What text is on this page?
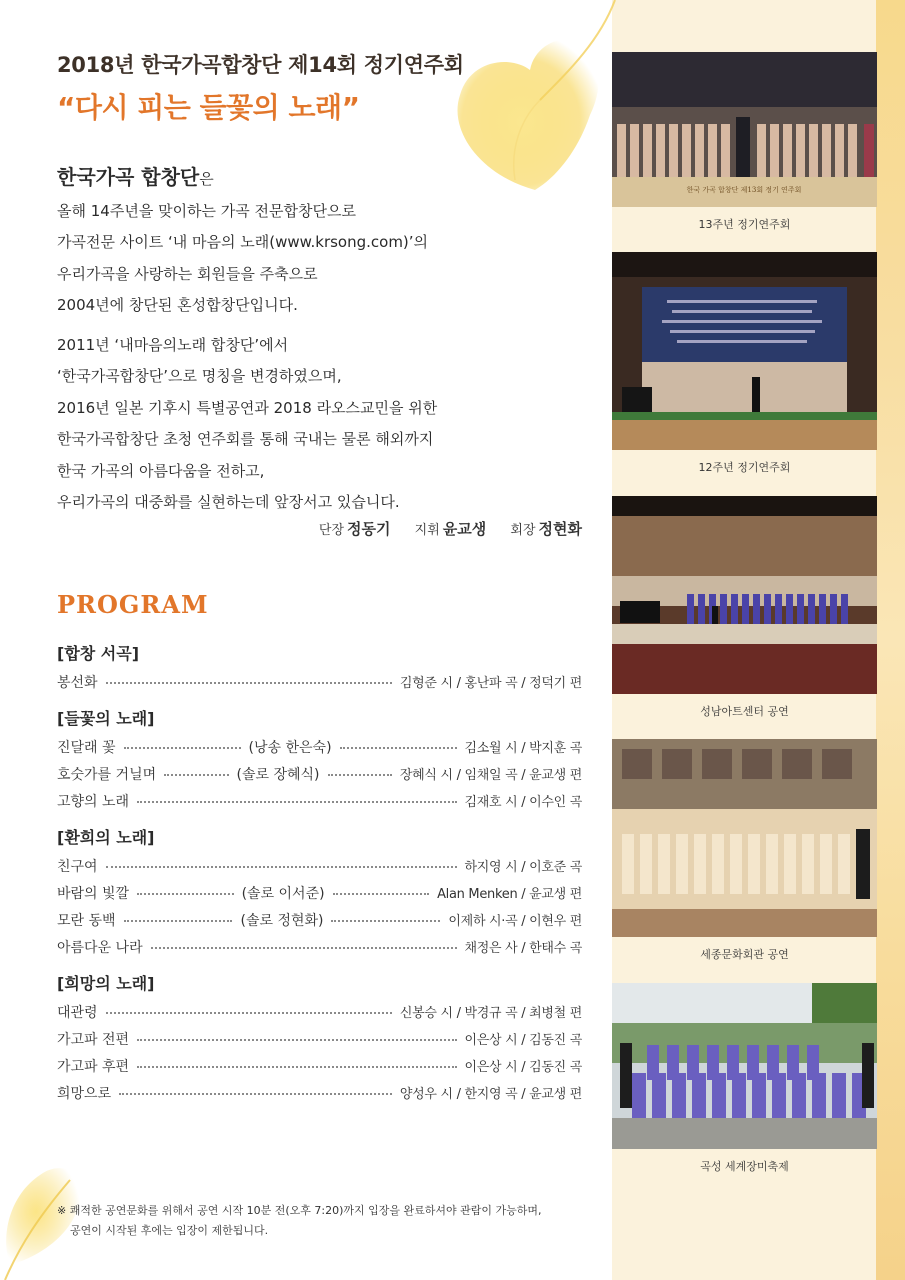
2018년 한국가곡합창단 제14회 정기연주회
“다시 피는 들꽃의 노래”

한국가곡 합창단은

올해 14주년을 맞이하는 가곡 전문합창단으로

가곡전문 사이트 ‘내 마음의 노래(www.krsong.com)’의

우리가곡을 사랑하는 회원들을 주축으로

2004년에 창단된 혼성합창단입니다.

2011년 ‘내마음의노래 합창단’에서

‘한국가곡합창단’으로 명칭을 변경하였으며,

2016년 일본 기후시 특별공연과 2018 라오스교민을 위한

한국가곡합창단 초청 연주회를 통해 국내는 물론 해외까지

한국 가곡의 아름다움을 전하고,

우리가곡의 대중화를 실현하는데 앞장서고 있습니다.

단장 정동기 지휘 윤교생 회장 정현화
PROGRAM
[합창 서곡]
봉선화	김형준 시 / 홍난파 곡 / 정덕기 편
[들꽃의 노래]
진달래 꽃	(낭송 한은숙)	김소월 시 / 박지훈 곡
호숫가를 거닐며	(솔로 장혜식)	장혜식 시 / 임채일 곡 / 윤교생 편
고향의 노래	김재호 시 / 이수인 곡
[환희의 노래]
친구여	하지영 시 / 이호준 곡
바람의 빛깔	(솔로 이서준)	Alan Menken / 윤교생 편
모란 동백	(솔로 정현화)	이제하 시·곡 / 이현우 편
아름다운 나라	채정은 사 / 한태수 곡
[희망의 노래]
대관령	신봉승 시 / 박경규 곡 / 최병철 편
가고파 전편	이은상 시 / 김동진 곡
가고파 후편	이은상 시 / 김동진 곡
희망으로	양성우 시 / 한지영 곡 / 윤교생 편
※ 쾌적한 공연문화를 위해서 공연 시작 10분 전(오후 7:20)까지 입장을 완료하셔야 관람이 가능하며,
공연이 시작된 후에는 입장이 제한됩니다.
한국 가곡 합창단 제13회 정기 연주회
13주년 정기연주회
12주년 정기연주회
성남아트센터 공연
세종문화회관 공연
곡성 세계장미축제
